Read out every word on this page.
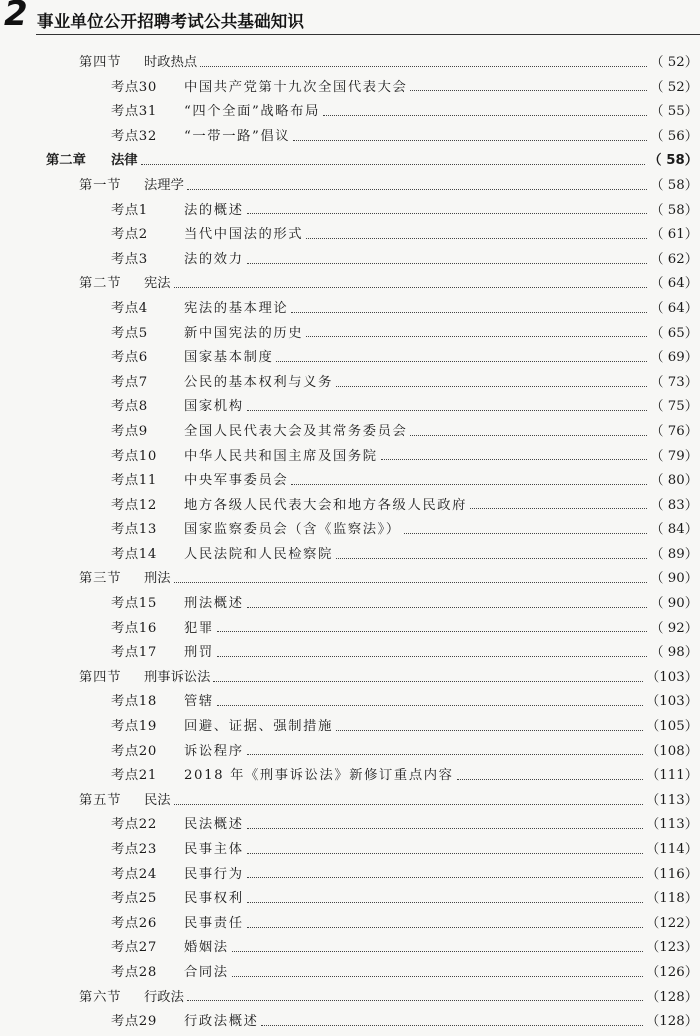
2 事业单位公开招聘考试公共基础知识
第四节 时政热点	（ 52）
考点30 中国共产党第十九次全国代表大会	（ 52）
考点31 “四个全面”战略布局	（ 55）
考点32 “一带一路”倡议	（ 56）
第二章 法律	（ 58）
第一节 法理学	（ 58）
考点1	法的概述	（ 58）
考点2	当代中国法的形式	（ 61）
考点3	法的效力	（ 62）
第二节 宪法	（ 64）
考点4	宪法的基本理论	（ 64）
考点5	新中国宪法的历史	（ 65）
考点6	国家基本制度	（ 69）
考点7	公民的基本权利与义务	（ 73）
考点8	国家机构	（ 75）
考点9	全国人民代表大会及其常务委员会	（ 76）
考点10 中华人民共和国主席及国务院	（ 79）
考点11 中央军事委员会	（ 80）
考点12 地方各级人民代表大会和地方各级人民政府	（ 83）
考点13 国家监察委员会（含《监察法》）	（ 84）
考点14 人民法院和人民检察院	（ 89）
第三节 刑法	（ 90）
考点15 刑法概述	（ 90）
考点16 犯罪	（ 92）
考点17 刑罚	（ 98）
第四节 刑事诉讼法	（103）
考点18 管辖	（103）
考点19 回避、证据、强制措施	（105）
考点20 诉讼程序	（108）
考点21 2018 年《刑事诉讼法》新修订重点内容	（111）
第五节 民法	（113）
考点22 民法概述	（113）
考点23 民事主体	（114）
考点24 民事行为	（116）
考点25 民事权利	（118）
考点26 民事责任	（122）
考点27 婚姻法	（123）
考点28 合同法	（126）
第六节 行政法	（128）
考点29 行政法概述	（128）
